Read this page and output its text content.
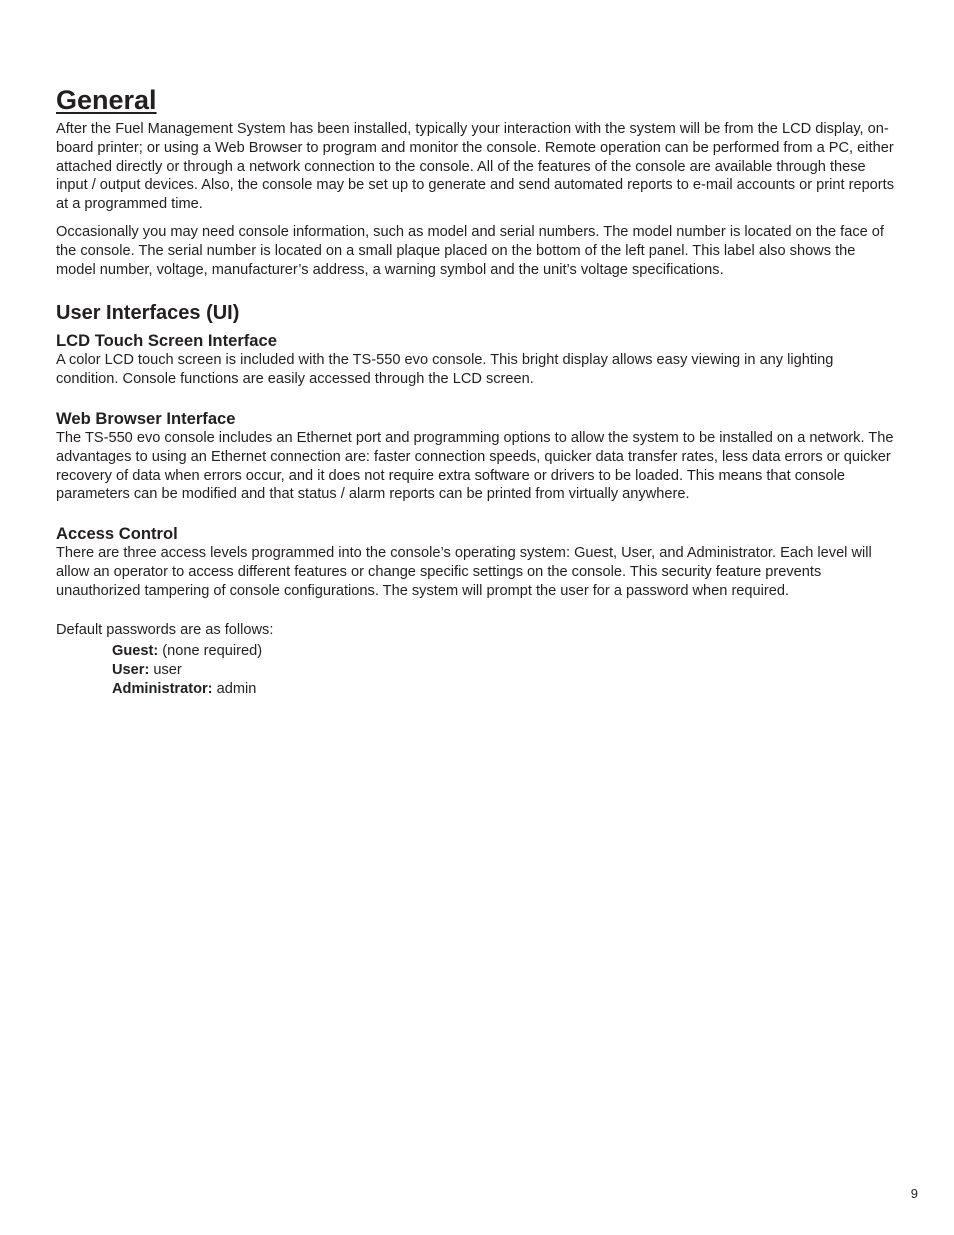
General

After the Fuel Management System has been installed, typically your interaction with the system will be from the LCD display, on-board printer; or using a Web Browser to program and monitor the console. Remote operation can be performed from a PC, either attached directly or through a network connection to the console. All of the features of the console are available through these input / output devices. Also, the console may be set up to generate and send automated reports to e-mail accounts or print reports at a programmed time.

Occasionally you may need console information, such as model and serial numbers. The model number is located on the face of the console. The serial number is located on a small plaque placed on the bottom of the left panel. This label also shows the model number, voltage, manufacturer’s address, a warning symbol and the unit’s voltage specifications.

User Interfaces (UI)
LCD Touch Screen Interface

A color LCD touch screen is included with the TS-550 evo console. This bright display allows easy viewing in any lighting condition. Console functions are easily accessed through the LCD screen.

Web Browser Interface

The TS-550 evo console includes an Ethernet port and programming options to allow the system to be installed on a network. The advantages to using an Ethernet connection are: faster connection speeds, quicker data transfer rates, less data errors or quicker recovery of data when errors occur, and it does not require extra software or drivers to be loaded. This means that console parameters can be modified and that status / alarm reports can be printed from virtually anywhere.

Access Control

There are three access levels programmed into the console’s operating system: Guest, User, and Administrator. Each level will allow an operator to access different features or change specific settings on the console. This security feature prevents unauthorized tampering of console configurations. The system will prompt the user for a password when required.

Default passwords are as follows:

Guest: (none required)
User: user
Administrator: admin
9
